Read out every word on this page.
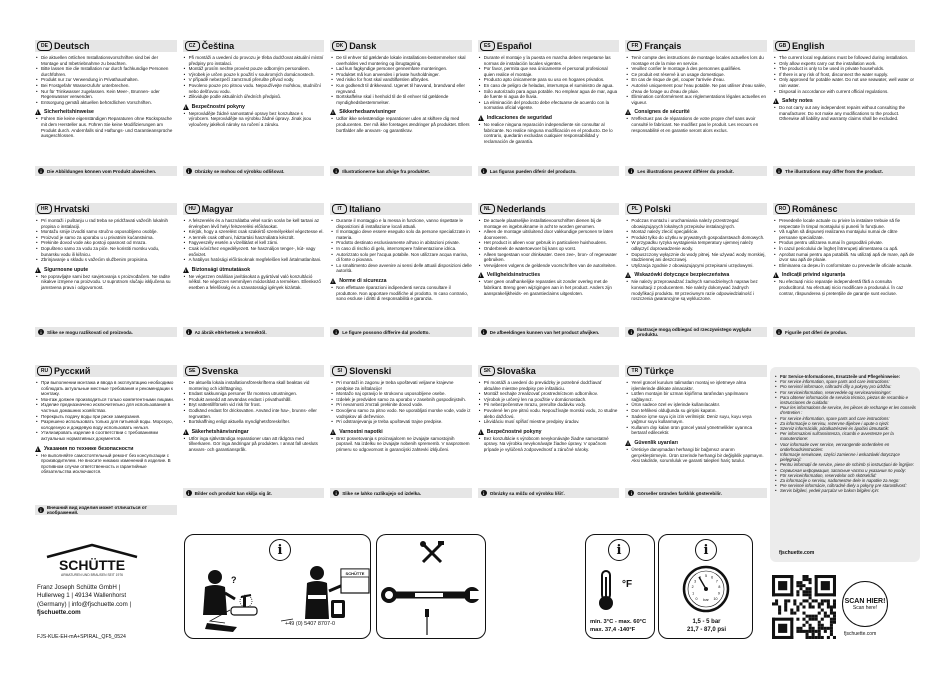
DE Deutsch
• Die aktuellen örtlichen Installationsvorschriften sind bei der Montage und Inbetriebnahme zu beachten.
• Bitte lassen Sie die Installation nur durch fachkundige Personen durchführen.
• Produkt nur zur Verwendung in Privathaushalten.
• Bei Frostgefahr Wasserzufuhr unterbrechen.
• Nur für Trinkwasser zugelassen. Kein Meer-, Brunnen- oder Regenwasser verwenden.
• Entsorgung gemäß aktuellen behördlichen Vorschriften.
!
Sicherheitshinweise
• Führen Sie keine eigenständigen Reparaturen ohne Rücksprache mit dem Hersteller aus. Führen Sie keine Modifizierungen am Produkt durch. Andernfalls sind Haftungs- und Garantieansprüche ausgeschlossen.
CZ Čeština
• Při montáži a uvedení do provozu je třeba dodržovat aktuální místní předpisy pro instalaci.
• Montáž prosím nechte provést pouze odborným personálem.
• Výrobek je určen pouze k použití v soukromých domácnostech.
• V případě nebezpečí zamrznutí přerušte přívod vody.
• Povoleno pouze pro pitnou vodu. Nepoužívejte mořskou, studniční nebo dešťovou vodu.
• Zlikvidujte podle aktuálních úředních předpisů.
!
Bezpečnostní pokyny
• Neprovádějte žádné samostatné opravy bez konzultace s výrobcem. Neprovádějte na výrobku žádné úpravy. Jinak jsou vyloučeny jakékoli nároky na ručení a záruku.
DK Dansk
• De til enhver tid gældende lokale installations-bestemmelser skal overholdes ved montering og ibrugtagning.
• Lad kun fagkyndige personer gennemføre monteringen.
• Produktet må kun anvendes i private husholdninger.
• Ved risiko for frost skal vandtilførslen afbrydes.
• Kun godkendt til drikkevand. Ugenet til havvand, brøndvand eller regnvand.
• Bortskaffelse skal i henhold til de til enhver tid gældende myndighedsbestemmelser.
!
Sikkerhedsanvisninger
• Udfør ikke selvstændige reparationer uden at skiftere dig med producenten. Der må ikke foretages ændringer på produktet. Ellers bortfalder alle ansvars- og garantikrav.
ES Español
• Durante el montaje y la puesta en marcha deben respetarse las normas de instalación locales vigentes.
• Por favor, permita que sea únicamente el personal profesional quien realice el montaje.
• Producto apto únicamente para su uso en hogares privados.
• En caso de peligro de heladas, interrumpa el suministro de agua.
• Sólo autorizado para agua potable. No emplear agua de mar, agua de fuente ni agua de lluvia.
• La eliminación del producto debe efectuarse de acuerdo con la normativa oficial vigente.
!
Indicaciones de seguridad
• No realice ninguna reparación independiente sin consultar al fabricante. No realice ninguna modificación en el producto. De lo contrario, quedarán excluidas cualquier responsabilidad y reclamación de garantía.
FR Français
• Tenir compte des instructions de montage locales actuelles lors du montage et de la mise en service.
• Veuillez confier le montage à des personnes qualifiées.
• Ce produit est réservé à un usage domestique.
• En cas de risque de gel, couper l'arrivée d'eau.
• Autorisé uniquement pour l'eau potable. Ne pas utiliser d'eau salée, d'eau de forage ou d'eau de pluie.
• Élimination conformément aux réglementations légales actuelles en vigueur.
!
Consignes de sécurité
• N'effectuez pas de réparations de votre propre chef sans avoir consulté le fabricant. Ne modifiez pas le produit. Les recours en responsabilité et en garantie seront alors exclus.
GB English
• The current local regulations must be followed during installation.
• Only allow experts carry out the installation work.
• The product is only to be used in private households.
• If there is any risk of frost, disconnect the water supply.
• Only approved for potable water. Do not use seawater, well water or rain water.
• Disposal in accordance with current official regulations.
!
Safety notes
• Do not carry out any independent repairs without consulting the manufacturer. Do not make any modifications to the product. Otherwise all liability and warranty claims shall be excluded.
i	Die Abbildungen können vom Produkt abweichen.	i	Obrázky se mohou od výrobku odlišovat.	i	Illustrationerne kan afvige fra produktet.	i	Las figuras pueden diferir del producto.	i	Les illustrations peuvent différer du produit.	i	The illustrations may differ from the product.
HR Hrvatski
• Pri montaži i puštanju u rad treba se pridržavati važećih lokalnih propisa o instalaciji.
• Montažu smije izvoditi samo stručno osposobljeno osoblje.
• Proizvod je samo za uporabu u u privatnim kućanstvima.
• Prekinite dovod vode ako postoji opasnost od mraza.
• Dopušteno samo za vodu za piće. Ne koristiti morsku vodu, bunarsku vodu ili kišnicu.
• Zbrinjavanje u skladu s važećim službenim propisima.
!
Sigurnosne upute
• Ne popravljajte sami bez savjetovanja s proizvođačem. Ne radite nikakve izmjene na proizvodu. U suprotnom slučaju isključena su jamstvena prava i odgovornost.
HU Magyar
• A felszerelés és a használatba vétel során során be kell tartani az érvényben lévő helyi felszerelési előírásokat.
• Kérjük, hogy a szerelést csak szakértő személyekkel végeztesse el.
• A termék csak otthoni, háztartási használatra készült.
• Fagyveszély esetén a vízellátást el kell zárni.
• Csak ivóvízhez engedélyezett. Ne használjon tenger-, kút- vagy esővizet.
• A hatályos hatósági előírásoknak megfelelően kell ártalmatlanítani.
!
Biztonsági útmutatások
• Ne végezzen önállóan javításokat a gyártóval való konzultáció nélkül. Ne végezzen semmilyen módosítást a terméken. Ellenkező esetben a felelősség és a szavatossági igények kizártak.
IT Italiano
• Durante il montaggio e la messa in funzione, vanno rispettate le disposizioni di installazione locali attuali.
• Il montaggio deve essere eseguito solo da persone specializzate in materia.
• Prodotto destinato esclusivamente all'uso in abitazioni private.
• In caso di rischio di gelo, interrompere l'alimentazione idrica.
• Autorizzato solo per l'acqua potabile. Non utilizzare acqua marina, di fonte o piovana.
• Lo smaltimento deve avvenire ai sensi delle attuali disposizioni delle autorità.
!
Norme di sicurezza
• Non effettuare riparazioni indipendenti senza consultare il produttore. Non apportare modifiche al prodotto. In caso contrario, sono escluse i diritti di responsabilità e garanzia.
NL Nederlands
• De actuele plaatselijke installatievoorschriften dienen bij de montage en ingebruikname in acht te worden genomen.
• Alleen de montage uitsluitend door vakkundige personen te laten doorvoeren.
• Het product is alleen voor gebruik in particuliere huishoudens.
• Onderbreek de watertoevoer bij kans op vorst.
• Alleen toegestaan voor drinkwater. Geen zee-, bron- of regenwater gebruiken.
• Verwijderen volgens de geldende voorschriften van de autoriteiten.
!
Veiligheidsinstructies
• Voer geen onafhankelijke reparaties uit zonder overleg met de fabrikant. Breng geen wijzigingen aan in het product. Anders zijn aansprakelijkheids- en garantieclaims uitgesloten.
PL Polski
• Podczas montażu i uruchamiania należy przestrzegać obowiązujących lokalnych przepisów instalacyjnych.
• Montaż należy zlecić specjaliście.
• Produkt tylko do użytku w prywatnych gospodarstwach domowych.
• W przypadku ryzyka wystąpienia temperatury ujemnej należy odłączyć doprowadzenie wody.
• Dopuszczony wyłącznie do wody pitnej. Nie używać wody morskiej, studziennej ani deszczowej.
• Utylizacja zgodnie z obowiązującymi przepisami urzędowymi.
!
Wskazówki dotyczące bezpieczeństwa
• Nie należy przeprowadzać żadnych samodzielnych napraw bez konsultacji z producentem. Nie należy dokonywać żadnych modyfikacji produktu. W przeciwnym razie odpowiedzialność i roszczenia gwarancyjne są wykluczone.
RO Românesc
• Prevederile locale actuale cu privire la instalare trebuie să fie respectate în timpul montajului și punerii în funcțiune.
• Vă rugăm să dispuneți realizarea montajului numai de către persoane specializate.
• Produs pentru utilizarea numai în gospodării private.
• În cazul pericolului de îngheț întrerupeți alimentarea cu apă.
• Aprobat numai pentru apa potabilă. Nu utilizați apă de mare, apă de izvor sau apă de ploaie.
• Eliminarea ca deșeu în conformitate cu prevederile oficiale actuale.
!
Indicații privind siguranța
• Nu efectuați nicio reparație independentă fără a consulta producătorul. Nu efectuați nicio modificare a produsului. În caz contrar, răspunderea și pretențiile de garanție sunt excluse.
i	Slike se mogu razlikovati od proizvoda.	i	Az ábrák eltérhetnek a terméktől.	i	Le figure possono differire dal prodotto.	i	De afbeeldingen kunnen van het product afwijken.	i	Ilustracje mogą odbiegać od rzeczywistego wyglądu produktu.	i	Figurile pot diferi de produs.
RU Русский
• При выполнении монтажа и ввода в эксплуатацию необходимо соблюдать актуальные местные требования и рекомендации к монтажу.
• Монтаж должен производиться только компетентными лицами.
• Изделие предназначено исключительно для использования в частных домашних хозяйствах.
• Перекрыть подачу воды при риске замерзания.
• Разрешено использовать только для питьевой воды. Морскую, колодезную и дождевую воду использовать нельзя.
• Утилизировать изделие в соответствии с требованиями актуальных нормативных документов.
!
Указания по технике безопасности
• Не выполняйте самостоятельный ремонт без консультации с производителем. Не вносите никаких изменений в изделие. В противном случае ответственность и гарантийные обязательства исключаются.
SE Svenska
• De aktuella lokala installationsföreskrifterna skall beaktas vid montering och idrifttagning.
• Endast sakkunniga personer får montera utrustningen.
• Produkt avsedd att användas endast i privathushåll.
• Bryt vattentillförseln vid risk för frost.
• Godkänd endast för dricksvatten. Använd inte hav-, brunns- eller regnvatten.
• Bortskaffning enligt aktuella myndighetsföreskrifter.
!
Säkerhetshänvisningar
• Utför inga självständiga reparationer utan att rådgöra med tillverkaren. Gör inga ändringar på produkten. I annat fall utesluts ansvars- och garantianspråk.
SI Slovenski
• Pri montaži in zagonu je treba upoštevati veljavne krajevne predpise za inštalacijo!
• Montažo naj opravijo le strokovno usposobljene osebe.
• Izdelek je predviden samo za uporabo v zasebnih gospodinjstvih.
• Pri nevarnosti zmrzali prekinite dovod vode.
• Dovoljeno samo za pitno vodo. Ne uporabljati morske vode, vode iz vodnjakov ali deževnice.
• Pri odstranjevanju je treba upoštevati trajne predpise.
!
Varnostni napotki
• Brez posvetovanja s proizvajalcem ne izvajajte samostojnih popravil. Na izdelku ne izvajajte nobenih sprememb. V nasprotnem primeru so odgovornost in garancijski zahtevki izključeni.
SK Slovaška
• Pri montáži a uvedení do prevádzky je potrebné dodržiavať aktuálne miestne predpisy pre inštaláciu.
• Montáž nechajte zrealizovať prostredníctvom odborníkov.
• Výrobok je určený len na použitie v domácnostiach.
• Pri nebezpečenstve mrazu, prerušte dodávku vody.
• Povolené len pre pitnú vodu. Nepoužívajte morskú vodu, zo studne alebo dažďovú.
• Likvidáciu musí spĺňať miestne predpisy úradov.
!
Bezpečnostné pokyny
• Bez konzultácie s výrobcom nevykonávajte žiadne samostatné opravy. Na výrobku nevykonávajte žiadne úpravy. V opačnom prípade je vylúčená zodpovednosť a záručné nároky.
TR Türkçe
• Yerel güncel kurulum talimatları montaj ve işletmeye alma işlemlerinde dikkate alınacaktır.
• Lütfen montajın bir uzman kişi/firma tarafından yapılmasını sağlayınız.
• Ürün sadece özel ev işlerinde kullanılacaktır.
• Don tehlikesi olduğunda su girişini kapatın.
• Sadece içme suyu için izin verilmiştir. Deniz suyu, kuyu veya yağmur suyu kullanmayın.
• Kullanım dışı kalan ürün güncel yasal yönetmelikler uyarınca bertaraf edilecektir.
!
Güvenlik uyarıları
• Üreticiye danışmadan herhangi bir bağımsız onarım gerçekleştirmeyin. Ürün üzerinde herhangi bir değişiklik yapmayın. Aksi takdirde, sorumluluk ve garanti talepleri hariç tutulur.
i	Внешний вид изделия может отличаться от изображений.
i	Bilder och produkt kan skilja sig åt.	i	Slike se lahko razlikujejo od izdelka.	i	Obrázky sa môžu od výrobku líšiť.	i	Görseller üründen farklılık gösterebilir.
• Für Service-Informationen, Ersatzteile und Pflegehinweise:
• For service information, spare parts and care instructions:
• Pro servisní informace, náhradní díly a pokyny pro údržbu:
• For serviceinformation, reservedele og serviceanvisninger:
• Para obtener información de servicio técnico, piezas de recambio e instrucciones de cuidado:
• Pour les informations de service, les pièces de rechange et les conseils d'entretien :
• For service information, spare parts and care instructions:
• Za informacije o servisu, rezervne dijelove i upute o njezi:
• Szerviz információk, pótalkatrészek és ápolási útmutatók:
• Per informazioni sull'assistenza, ricambi e avvertenze per la manutenzione:
• Voor informatie over service, vervangende onderdelen en onderhoudsinstructies:
• Informacje serwisowe, części zamienne i wskazówki dotyczące pielęgnacji:
• Pentru informații de service, piese de schimb și instrucțiuni de îngrijire:
• Сервисная информация, запасные части и указания по уходу:
• För serviceinformation, reservdelar och skötselråd:
• Za informacije o servisu, nadomestne dele in napotke za nego:
• Pre servisné informácie, náhradné diely a pokyny pre starostlivosť:
• Servis bilgileri, yedek parçalar ve bakım bilgileri için:
fjschuette.com
SCHÜTTE
ARMATUREN UND BRAUSEN SEIT 1976
Franz Joseph Schütte GmbH |
Hullerweg 1 | 49134 Wallenhorst
(Germany) | info@fjschuette.com |
fjschuette.com
FJS-KUE-EH-mA+SPIRAL_QF5_0524
i
?
SCHÜTTE
+49 (0) 5407 8707-0
i
°F
min. 3°C - max. 60°C
max. 37,4 -140°F
i
0
1
2
3
5 6
7
8
9
10
bar
1,5 - 5 bar
21,7 - 87,0 psi
SCAN HIER!
Scan here!
fjschuette.com
